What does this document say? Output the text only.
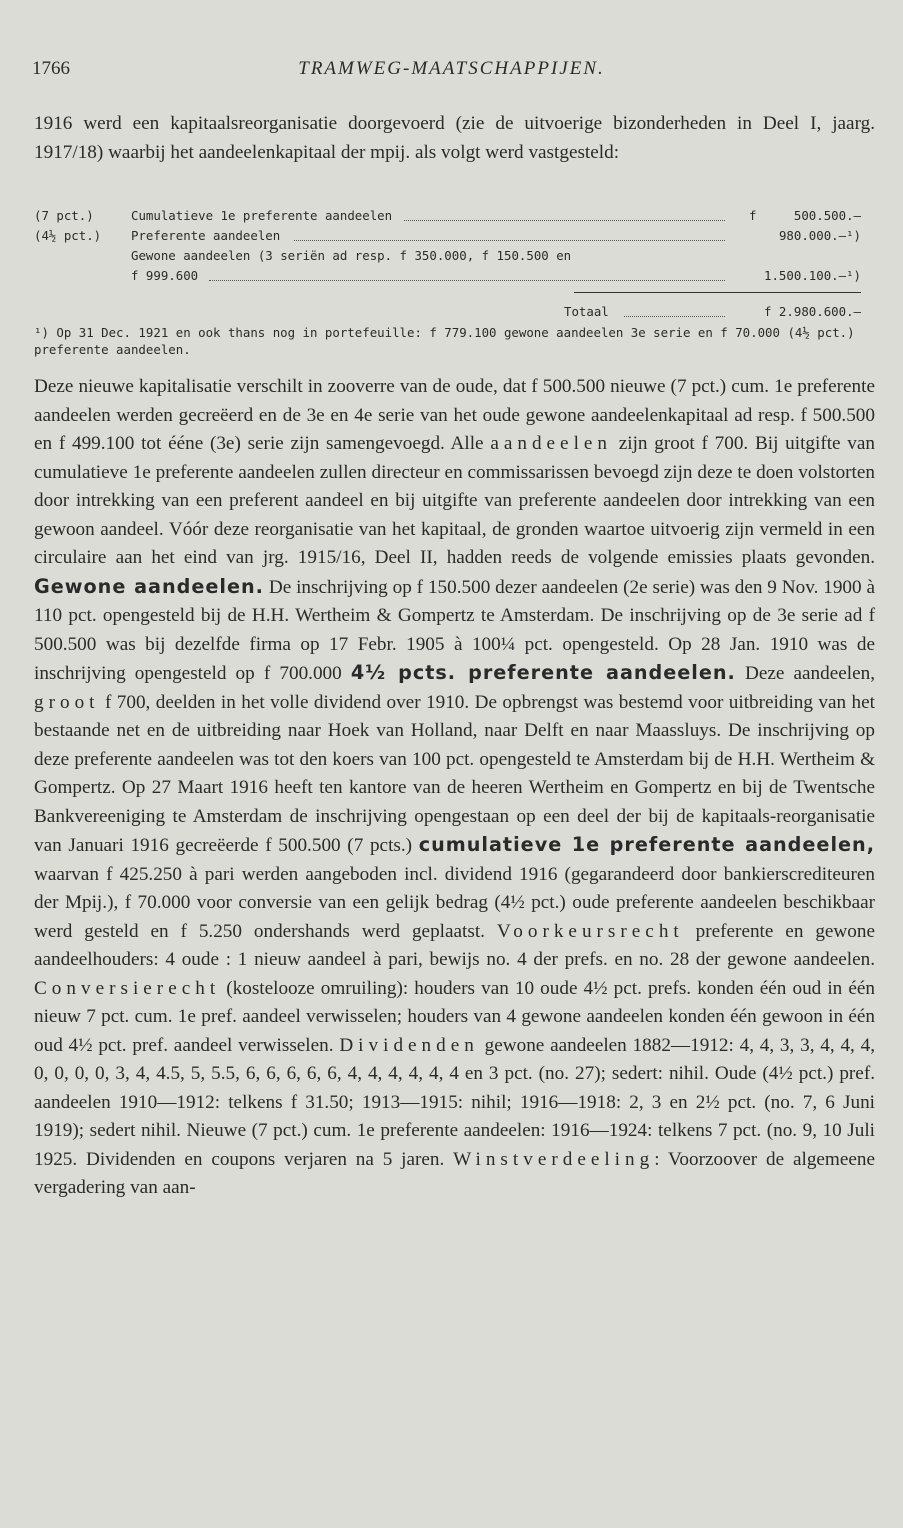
1766	TRAMWEG-MAATSCHAPPIJEN.

1916 werd een kapitaalsreorganisatie doorgevoerd (zie de uitvoerige bizonderheden in Deel I, jaarg. 1917/18) waarbij het aandeelenkapitaal der mpij. als volgt werd vastgesteld:

(7 pct.)	Cumulatieve 1e preferente aandeelen	f	500.500.—
(4½ pct.) Preferente aandeelen	980.000.—¹)
Gewone aandeelen (3 seriën ad resp. f 350.000, f 150.500 en
f 999.600	1.500.100.—¹)
Totaal	f 2.980.600.—
¹) Op 31 Dec. 1921 en ook thans nog in portefeuille: f 779.100 gewone aandeelen 3e serie en f 70.000 (4½ pct.) preferente aandeelen.

Deze nieuwe kapitalisatie verschilt in zooverre van de oude, dat f 500.500 nieuwe (7 pct.) cum. 1e preferente aandeelen werden gecreëerd en de 3e en 4e serie van het oude gewone aandeelenkapitaal ad resp. f 500.500 en f 499.100 tot ééne (3e) serie zijn samengevoegd. Alle aandeelen zijn groot f 700. Bij uitgifte van cumulatieve 1e preferente aandeelen zullen directeur en commissarissen bevoegd zijn deze te doen volstorten door intrekking van een preferent aandeel en bij uitgifte van preferente aandeelen door intrekking van een gewoon aandeel. Vóór deze reorganisatie van het kapitaal, de gronden waartoe uitvoerig zijn vermeld in een circulaire aan het eind van jrg. 1915/16, Deel II, hadden reeds de volgende emissies plaats gevonden. Gewone aandeelen. De inschrijving op f 150.500 dezer aandeelen (2e serie) was den 9 Nov. 1900 à 110 pct. opengesteld bij de H.H. Wertheim & Gompertz te Amsterdam. De inschrijving op de 3e serie ad f 500.500 was bij dezelfde firma op 17 Febr. 1905 à 100¼ pct. opengesteld. Op 28 Jan. 1910 was de inschrijving opengesteld op f 700.000 4½ pcts. preferente aandeelen. Deze aandeelen, groot f 700, deelden in het volle dividend over 1910. De opbrengst was bestemd voor uitbreiding van het bestaande net en de uitbreiding naar Hoek van Holland, naar Delft en naar Maassluys. De inschrijving op deze preferente aandeelen was tot den koers van 100 pct. opengesteld te Amsterdam bij de H.H. Wertheim & Gompertz. Op 27 Maart 1916 heeft ten kantore van de heeren Wertheim en Gompertz en bij de Twentsche Bankvereeniging te Amsterdam de inschrijving opengestaan op een deel der bij de kapitaals-reorganisatie van Januari 1916 gecreëerde f 500.500 (7 pcts.) cumulatieve 1e preferente aandeelen, waarvan f 425.250 à pari werden aangeboden incl. dividend 1916 (gegarandeerd door bankierscrediteuren der Mpij.), f 70.000 voor conversie van een gelijk bedrag (4½ pct.) oude preferente aandeelen beschikbaar werd gesteld en f 5.250 ondershands werd geplaatst. Voorkeursrecht preferente en gewone aandeelhouders: 4 oude : 1 nieuw aandeel à pari, bewijs no. 4 der prefs. en no. 28 der gewone aandeelen. Conversierecht (kostelooze omruiling): houders van 10 oude 4½ pct. prefs. konden één oud in één nieuw 7 pct. cum. 1e pref. aandeel verwisselen; houders van 4 gewone aandeelen konden één gewoon in één oud 4½ pct. pref. aandeel verwisselen. Dividenden gewone aandeelen 1882—1912: 4, 4, 3, 3, 4, 4, 4, 0, 0, 0, 0, 3, 4, 4.5, 5, 5.5, 6, 6, 6, 6, 6, 4, 4, 4, 4, 4, 4 en 3 pct. (no. 27); sedert: nihil. Oude (4½ pct.) pref. aandeelen 1910—1912: telkens f 31.50; 1913—1915: nihil; 1916—1918: 2, 3 en 2½ pct. (no. 7, 6 Juni 1919); sedert nihil. Nieuwe (7 pct.) cum. 1e preferente aandeelen: 1916—1924: telkens 7 pct. (no. 9, 10 Juli 1925. Dividenden en coupons verjaren na 5 jaren. Winstverdeeling: Voorzoover de algemeene vergadering van aan-
